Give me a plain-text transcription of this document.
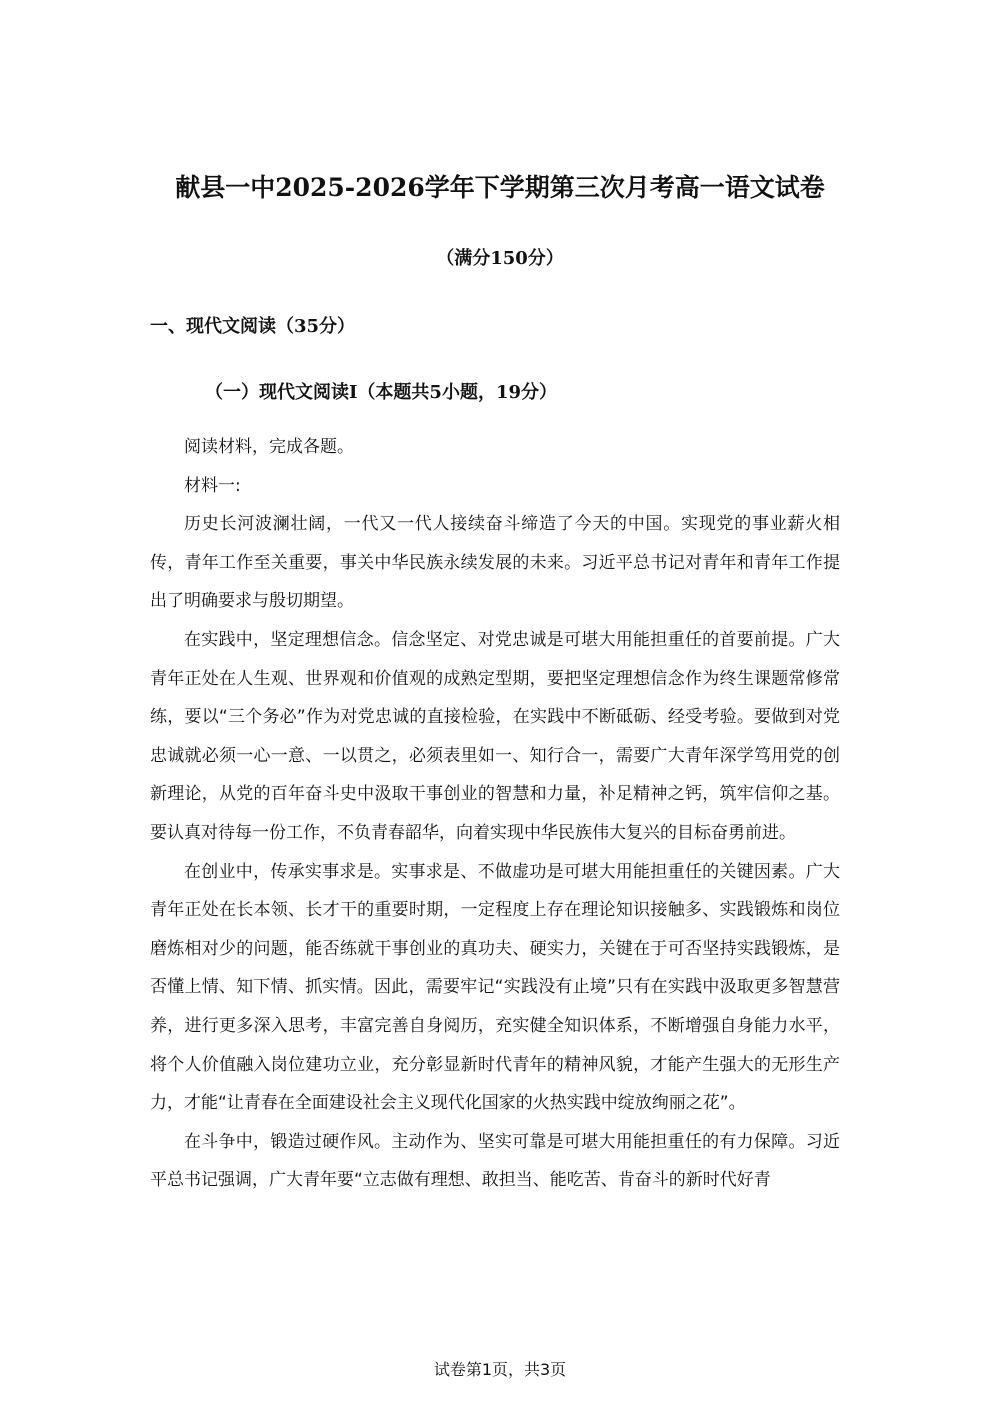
献县一中2025-2026学年下学期第三次月考高一语文试卷
（满分150分）
一、现代文阅读（35分）
（一）现代文阅读Ⅰ（本题共5小题，19分）

阅读材料，完成各题。

材料一:

历史长河波澜壮阔，一代又一代人接续奋斗缔造了今天的中国。实现党的事业薪火相传，青年工作至关重要，事关中华民族永续发展的未来。习近平总书记对青年和青年工作提出了明确要求与殷切期望。

在实践中，坚定理想信念。信念坚定、对党忠诚是可堪大用能担重任的首要前提。广大青年正处在人生观、世界观和价值观的成熟定型期，要把坚定理想信念作为终生课题常修常练，要以“三个务必”作为对党忠诚的直接检验，在实践中不断砥砺、经受考验。要做到对党忠诚就必须一心一意、一以贯之，必须表里如一、知行合一，需要广大青年深学笃用党的创新理论，从党的百年奋斗史中汲取干事创业的智慧和力量，补足精神之钙，筑牢信仰之基。要认真对待每一份工作，不负青春韶华，向着实现中华民族伟大复兴的目标奋勇前进。

在创业中，传承实事求是。实事求是、不做虚功是可堪大用能担重任的关键因素。广大青年正处在长本领、长才干的重要时期，一定程度上存在理论知识接触多、实践锻炼和岗位磨炼相对少的问题，能否练就干事创业的真功夫、硬实力，关键在于可否坚持实践锻炼，是否懂上情、知下情、抓实情。因此，需要牢记“实践没有止境”只有在实践中汲取更多智慧营养，进行更多深入思考，丰富完善自身阅历，充实健全知识体系，不断增强自身能力水平，将个人价值融入岗位建功立业，充分彰显新时代青年的精神风貌，才能产生强大的无形生产力，才能“让青春在全面建设社会主义现代化国家的火热实践中绽放绚丽之花”。

在斗争中，锻造过硬作风。主动作为、坚实可靠是可堪大用能担重任的有力保障。习近平总书记强调，广大青年要“立志做有理想、敢担当、能吃苦、肯奋斗的新时代好青

试卷第1页，共3页
